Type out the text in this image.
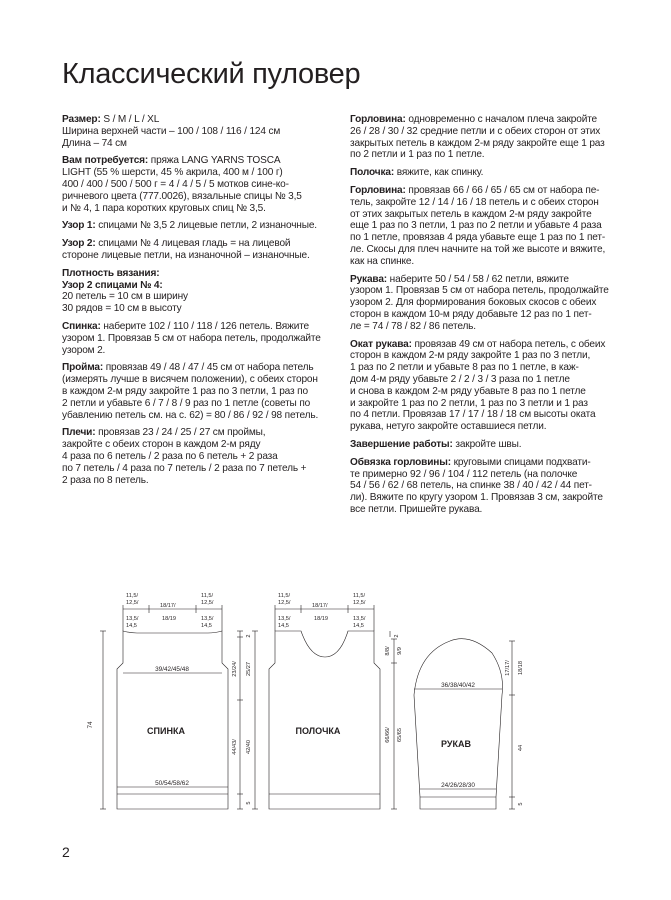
Классический пуловер
Размер: S / M / L / XL
Ширина верхней части – 100 / 108 / 116 / 124 см
Длина – 74 см
Вам потребуется: пряжа LANG YARNS TOSCA
LIGHT (55 % шерсти, 45 % акрила, 400 м / 100 г)
400 / 400 / 500 / 500 г = 4 / 4 / 5 / 5 мотков сине-ко-
ричневого цвета (777.0026), вязальные спицы № 3,5
и № 4, 1 пара коротких круговых спиц № 3,5.
Узор 1: спицами № 3,5 2 лицевые петли, 2 изнаночные.
Узор 2: спицами № 4 лицевая гладь = на лицевой
стороне лицевые петли, на изнаночной – изнаночные.
Плотность вязания:
Узор 2 спицами № 4:
20 петель = 10 см в ширину
30 рядов = 10 см в высоту
Спинка: наберите 102 / 110 / 118 / 126 петель. Вяжите
узором 1. Провязав 5 см от набора петель, продолжайте
узором 2.
Пройма: провязав 49 / 48 / 47 / 45 см от набора петель
(измерять лучше в висячем положении), с обеих сторон
в каждом 2-м ряду закройте 1 раз по 3 петли, 1 раз по
2 петли и убавьте 6 / 7 / 8 / 9 раз по 1 петле (советы по
убавлению петель см. на с. 62) = 80 / 86 / 92 / 98 петель.
Плечи: провязав 23 / 24 / 25 / 27 см проймы,
закройте с обеих сторон в каждом 2-м ряду
4 раза по 6 петель / 2 раза по 6 петель + 2 раза
по 7 петель / 4 раза по 7 петель / 2 раза по 7 петель +
2 раза по 8 петель.
Горловина: одновременно с началом плеча закройте
26 / 28 / 30 / 32 средние петли и с обеих сторон от этих
закрытых петель в каждом 2-м ряду закройте еще 1 раз
по 2 петли и 1 раз по 1 петле.
Полочка: вяжите, как спинку.
Горловина: провязав 66 / 66 / 65 / 65 см от набора пе-
тель, закройте 12 / 14 / 16 / 18 петель и с обеих сторон
от этих закрытых петель в каждом 2-м ряду закройте
еще 1 раз по 3 петли, 1 раз по 2 петли и убавьте 4 раза
по 1 петле, провязав 4 ряда убавьте еще 1 раз по 1 пет-
ле. Скосы для плеч начните на той же высоте и вяжите,
как на спинке.
Рукава: наберите 50 / 54 / 58 / 62 петли, вяжите
узором 1. Провязав 5 см от набора петель, продолжайте
узором 2. Для формирования боковых скосов с обеих
сторон в каждом 10-м ряду добавьте 12 раз по 1 пет-
ле = 74 / 78 / 82 / 86 петель.
Окат рукава: провязав 49 см от набора петель, с обеих
сторон в каждом 2-м ряду закройте 1 раз по 3 петли,
1 раз по 2 петли и убавьте 8 раз по 1 петле, в каж-
дом 4-м ряду убавьте 2 / 2 / 3 / 3 раза по 1 петле
и снова в каждом 2-м ряду убавьте 8 раз по 1 петле
и закройте 1 раз по 2 петли, 1 раз по 3 петли и 1 раз
по 4 петли. Провязав 17 / 17 / 18 / 18 см высоты оката
рукава, нетуго закройте оставшиеся петли.
Завершение работы: закройте швы.
Обвязка горловины: круговыми спицами подхвати-
те примерно 92 / 96 / 104 / 112 петель (на полочке
54 / 56 / 62 / 68 петель, на спинке 38 / 40 / 42 / 44 пет-
ли). Вяжите по кругу узором 1. Провязав 3 см, закройте
все петли. Пришейте рукава.
11,5/
12,5/
13,5/
14,5
18/17/
18/19
11,5/
12,5/
13,5/
14,5
39/42/45/48
СПИНКА
50/54/58/62
74
2
23/24/ 25/27
44/43/ 42/40
5
11,5/
12,5/
13,5/
14,5
18/17/
18/19
11,5/
12,5/
13,5/
14,5
ПОЛОЧКА
2
8/8/ 9/9
66/66/ 65/65
36/38/40/42
РУКАВ
24/26/28/30
17/17/ 18/18
44
5
2
